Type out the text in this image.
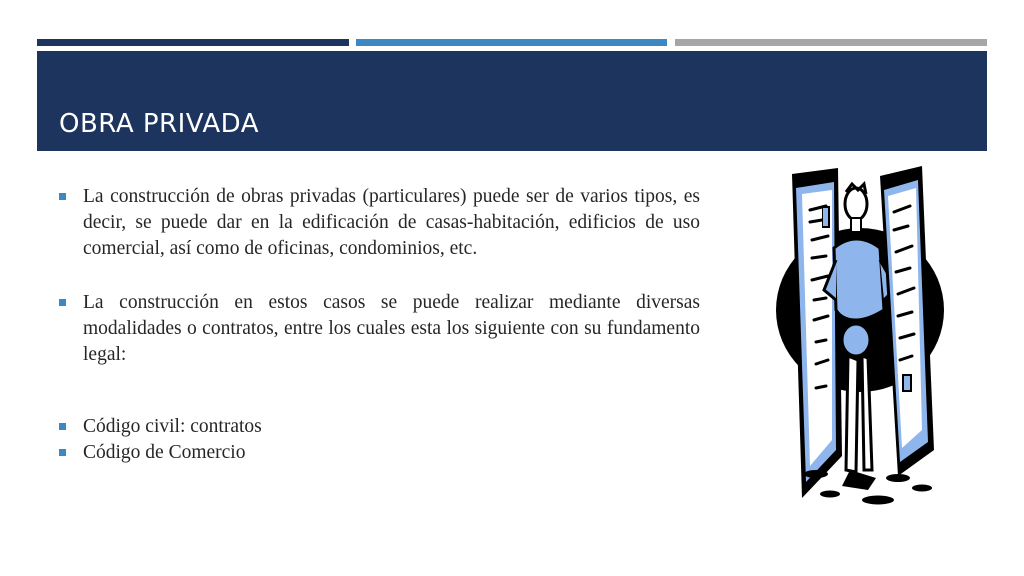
OBRA PRIVADA
La construcción de obras privadas (particulares) puede ser de varios tipos, es decir, se puede dar en la edificación de casas-habitación, edificios de uso comercial, así como de oficinas, condominios, etc.
La construcción en estos casos se puede realizar mediante diversas modalidades o contratos, entre los cuales esta los siguiente con su fundamento legal:
Código civil: contratos
Código de Comercio
